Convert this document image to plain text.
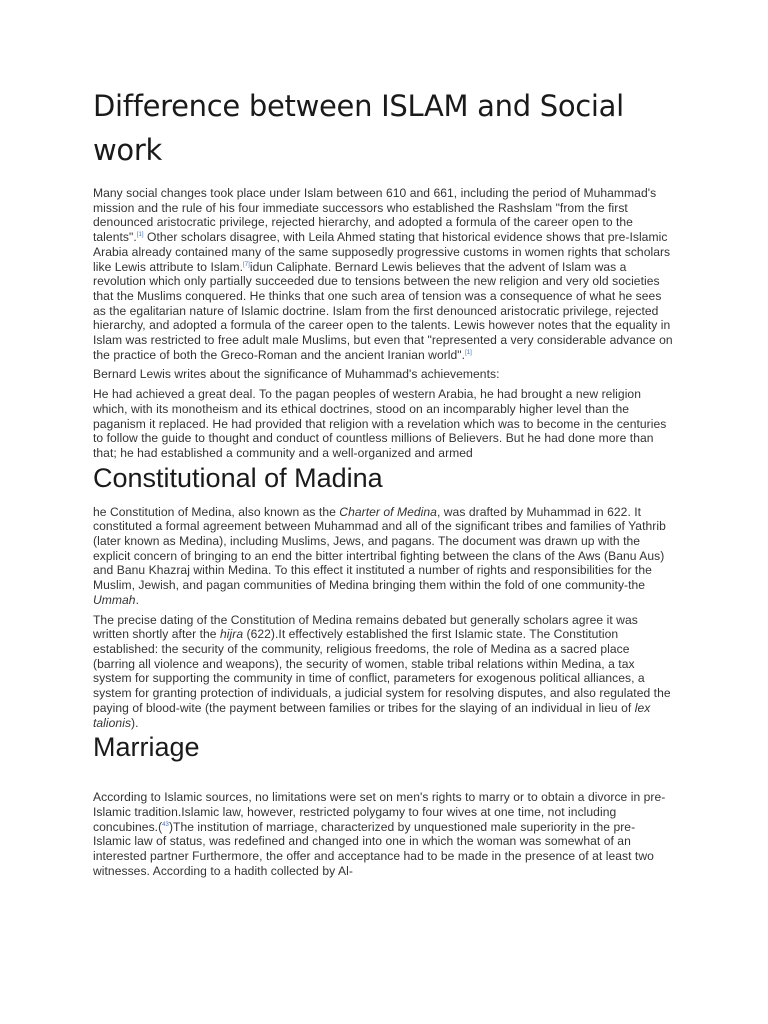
Difference between ISLAM and Social work

Many social changes took place under Islam between 610 and 661, including the period of Muhammad's mission and the rule of his four immediate successors who established the Rashslam "from the first denounced aristocratic privilege, rejected hierarchy, and adopted a formula of the career open to the talents".[1] Other scholars disagree, with Leila Ahmed stating that historical evidence shows that pre-Islamic Arabia already contained many of the same supposedly progressive customs in women rights that scholars like Lewis attribute to Islam.[7]idun Caliphate. Bernard Lewis believes that the advent of Islam was a revolution which only partially succeeded due to tensions between the new religion and very old societies that the Muslims conquered. He thinks that one such area of tension was a consequence of what he sees as the egalitarian nature of Islamic doctrine. Islam from the first denounced aristocratic privilege, rejected hierarchy, and adopted a formula of the career open to the talents. Lewis however notes that the equality in Islam was restricted to free adult male Muslims, but even that "represented a very considerable advance on the practice of both the Greco-Roman and the ancient Iranian world".[1]

Bernard Lewis writes about the significance of Muhammad's achievements:

He had achieved a great deal. To the pagan peoples of western Arabia, he had brought a new religion which, with its monotheism and its ethical doctrines, stood on an incomparably higher level than the paganism it replaced. He had provided that religion with a revelation which was to become in the centuries to follow the guide to thought and conduct of countless millions of Believers. But he had done more than that; he had established a community and a well-organized and armed

Constitutional of Madina

he Constitution of Medina, also known as the Charter of Medina, was drafted by Muhammad in 622. It constituted a formal agreement between Muhammad and all of the significant tribes and families of Yathrib (later known as Medina), including Muslims, Jews, and pagans. The document was drawn up with the explicit concern of bringing to an end the bitter intertribal fighting between the clans of the Aws (Banu Aus) and Banu Khazraj within Medina. To this effect it instituted a number of rights and responsibilities for the Muslim, Jewish, and pagan communities of Medina bringing them within the fold of one community-the Ummah.

The precise dating of the Constitution of Medina remains debated but generally scholars agree it was written shortly after the hijra (622).It effectively established the first Islamic state. The Constitution established: the security of the community, religious freedoms, the role of Medina as a sacred place (barring all violence and weapons), the security of women, stable tribal relations within Medina, a tax system for supporting the community in time of conflict, parameters for exogenous political alliances, a system for granting protection of individuals, a judicial system for resolving disputes, and also regulated the paying of blood-wite (the payment between families or tribes for the slaying of an individual in lieu of lex talionis).

Marriage

According to Islamic sources, no limitations were set on men's rights to marry or to obtain a divorce in pre-Islamic tradition.Islamic law, however, restricted polygamy to four wives at one time, not including concubines.($^{43}$)The institution of marriage, characterized by unquestioned male superiority in the pre-Islamic law of status, was redefined and changed into one in which the woman was somewhat of an interested partner Furthermore, the offer and acceptance had to be made in the presence of at least two witnesses. According to a hadith collected by Al-
